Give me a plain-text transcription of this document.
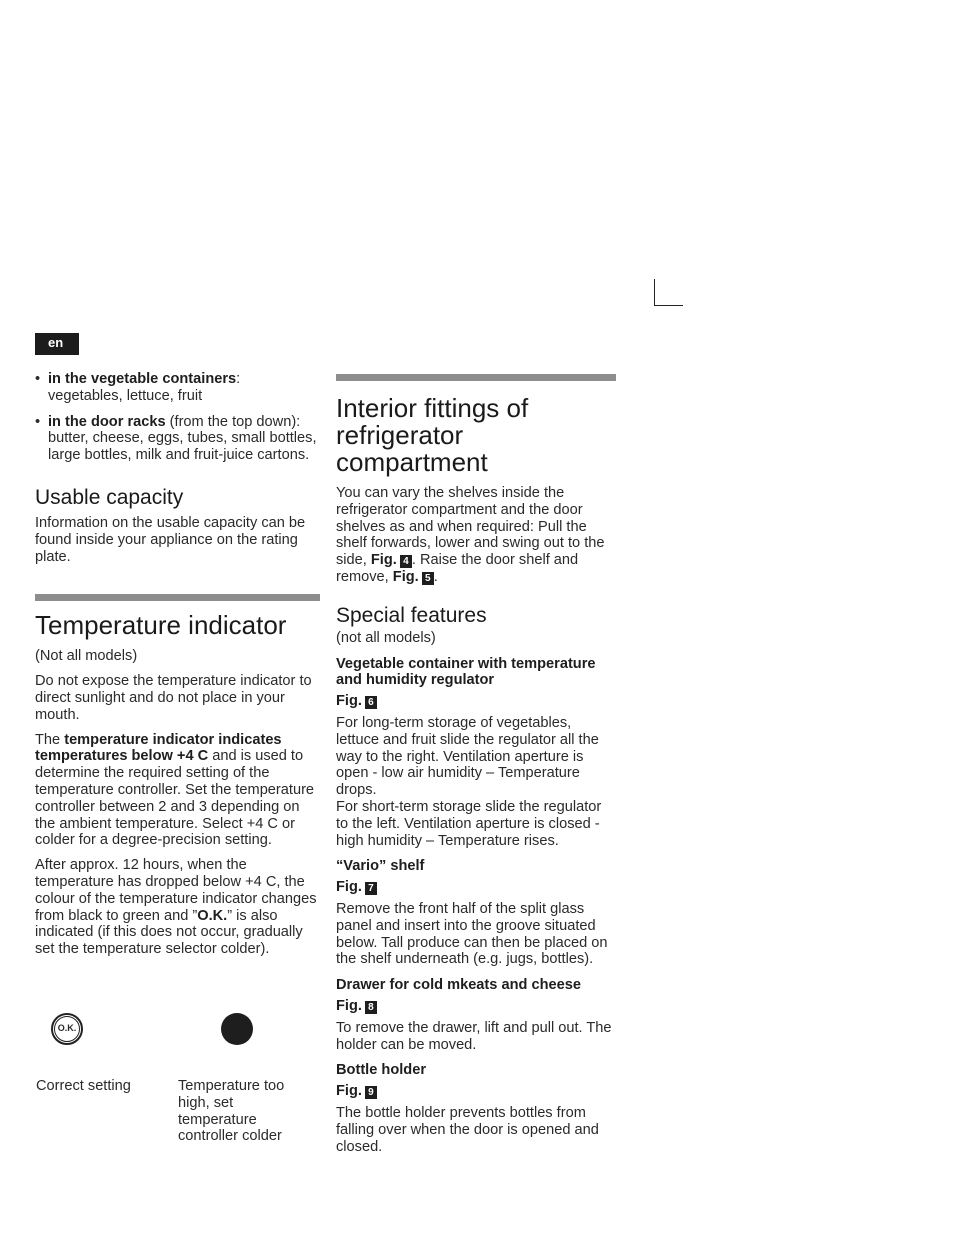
en
• in the vegetable containers:
vegetables, lettuce, fruit

• in the door racks (from the top down):
butter, cheese, eggs, tubes, small bottles, large bottles, milk and fruit-juice cartons.

Usable capacity

Information on the usable capacity can be found inside your appliance on the rating plate.

Temperature indicator

(Not all models)

Do not expose the temperature indicator to direct sunlight and do not place in your mouth.

The temperature indicator indicates temperatures below +4 C and is used to determine the required setting of the temperature controller. Set the temperature controller between 2 and 3 depending on the ambient temperature. Select +4 C or colder for a degree-precision setting.

After approx. 12 hours, when the temperature has dropped below +4 C, the colour of the temperature indicator changes from black to green and ”O.K.” is also indicated (if this does not occur, gradually set the temperature selector colder).

O.K.
Correct setting	Temperature too high, set temperature controller colder
Interior fittings of refrigerator compartment

You can vary the shelves inside the refrigerator compartment and the door shelves as and when required: Pull the shelf forwards, lower and swing out to the side, Fig. 4 . Raise the door shelf and remove, Fig. 5 .

Special features

(not all models)

Vegetable container with temperature and humidity regulator

Fig. 6

For long-term storage of vegetables, lettuce and fruit slide the regulator all the way to the right. Ventilation aperture is open - low air humidity – Temperature drops.

For short-term storage slide the regulator to the left. Ventilation aperture is closed - high humidity – Temperature rises.

“Vario” shelf

Fig. 7

Remove the front half of the split glass panel and insert into the groove situated below. Tall produce can then be placed on the shelf underneath (e.g. jugs, bottles).

Drawer for cold mkeats and cheese

Fig. 8

To remove the drawer, lift and pull out. The holder can be moved.

Bottle holder

Fig. 9

The bottle holder prevents bottles from falling over when the door is opened and closed.
